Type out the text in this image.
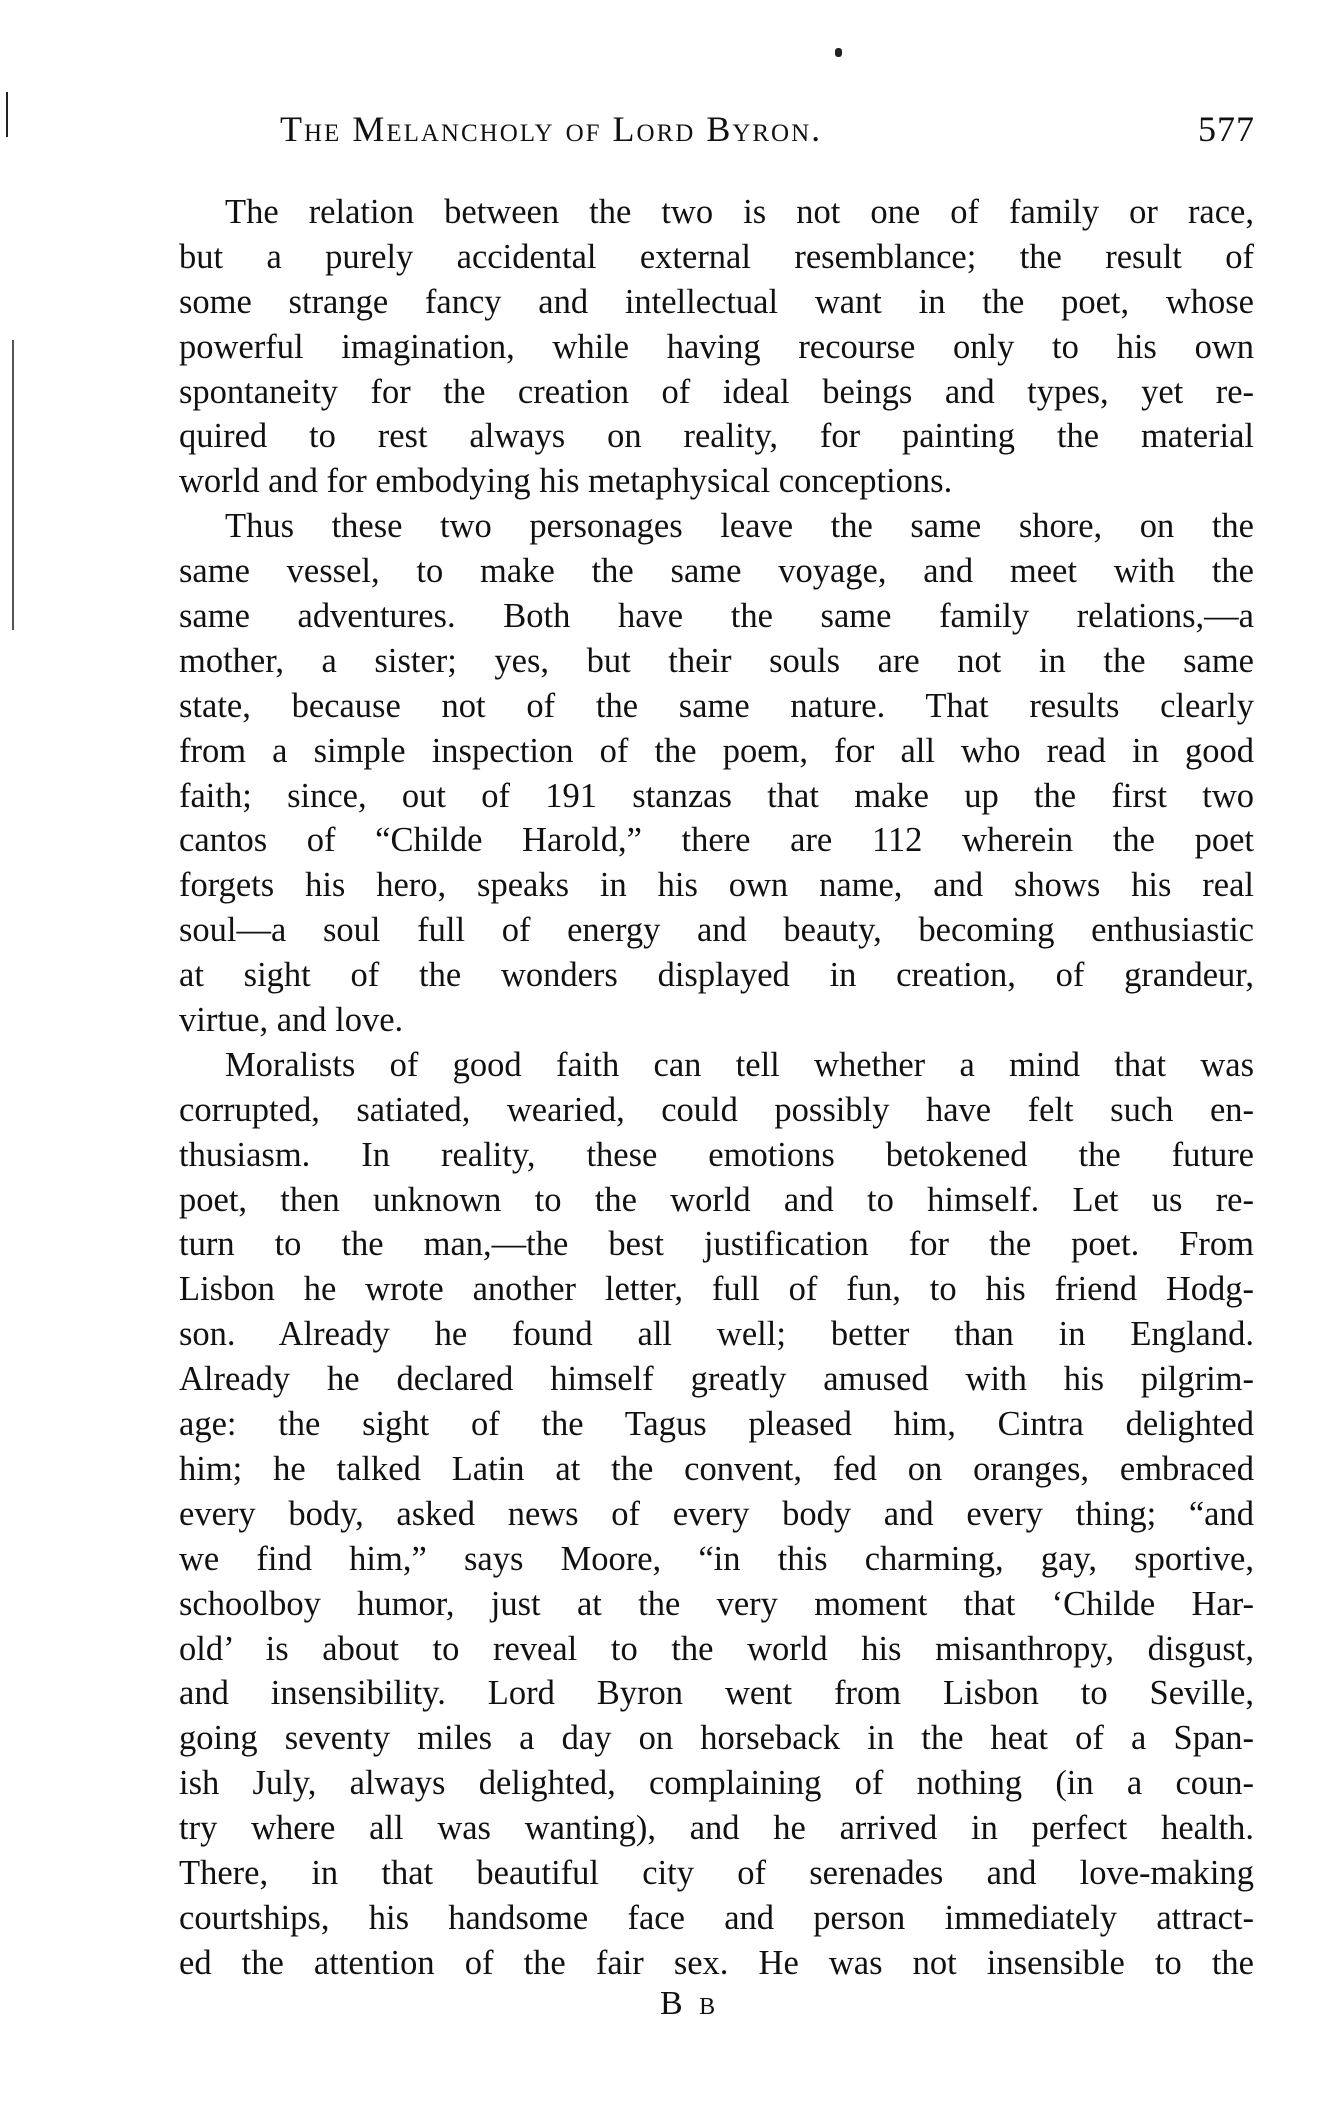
The Melancholy of Lord Byron.	577
The relation between the two is not one of family or race,
but a purely accidental external resemblance; the result of
some strange fancy and intellectual want in the poet, whose
powerful imagination, while having recourse only to his own
spontaneity for the creation of ideal beings and types, yet re-
quired to rest always on reality, for painting the material
world and for embodying his metaphysical conceptions.
Thus these two personages leave the same shore, on the
same vessel, to make the same voyage, and meet with the
same adventures. Both have the same family relations,—a
mother, a sister; yes, but their souls are not in the same
state, because not of the same nature. That results clearly
from a simple inspection of the poem, for all who read in good
faith; since, out of 191 stanzas that make up the first two
cantos of “Childe Harold,” there are 112 wherein the poet
forgets his hero, speaks in his own name, and shows his real
soul—a soul full of energy and beauty, becoming enthusiastic
at sight of the wonders displayed in creation, of grandeur,
virtue, and love.
Moralists of good faith can tell whether a mind that was
corrupted, satiated, wearied, could possibly have felt such en-
thusiasm. In reality, these emotions betokened the future
poet, then unknown to the world and to himself. Let us re-
turn to the man,—the best justification for the poet. From
Lisbon he wrote another letter, full of fun, to his friend Hodg-
son. Already he found all well; better than in England.
Already he declared himself greatly amused with his pilgrim-
age: the sight of the Tagus pleased him, Cintra delighted
him; he talked Latin at the convent, fed on oranges, embraced
every body, asked news of every body and every thing; “and
we find him,” says Moore, “in this charming, gay, sportive,
schoolboy humor, just at the very moment that ‘Childe Har-
old’ is about to reveal to the world his misanthropy, disgust,
and insensibility. Lord Byron went from Lisbon to Seville,
going seventy miles a day on horseback in the heat of a Span-
ish July, always delighted, complaining of nothing (in a coun-
try where all was wanting), and he arrived in perfect health.
There, in that beautiful city of serenades and love-making
courtships, his handsome face and person immediately attract-
ed the attention of the fair sex. He was not insensible to the
B b
